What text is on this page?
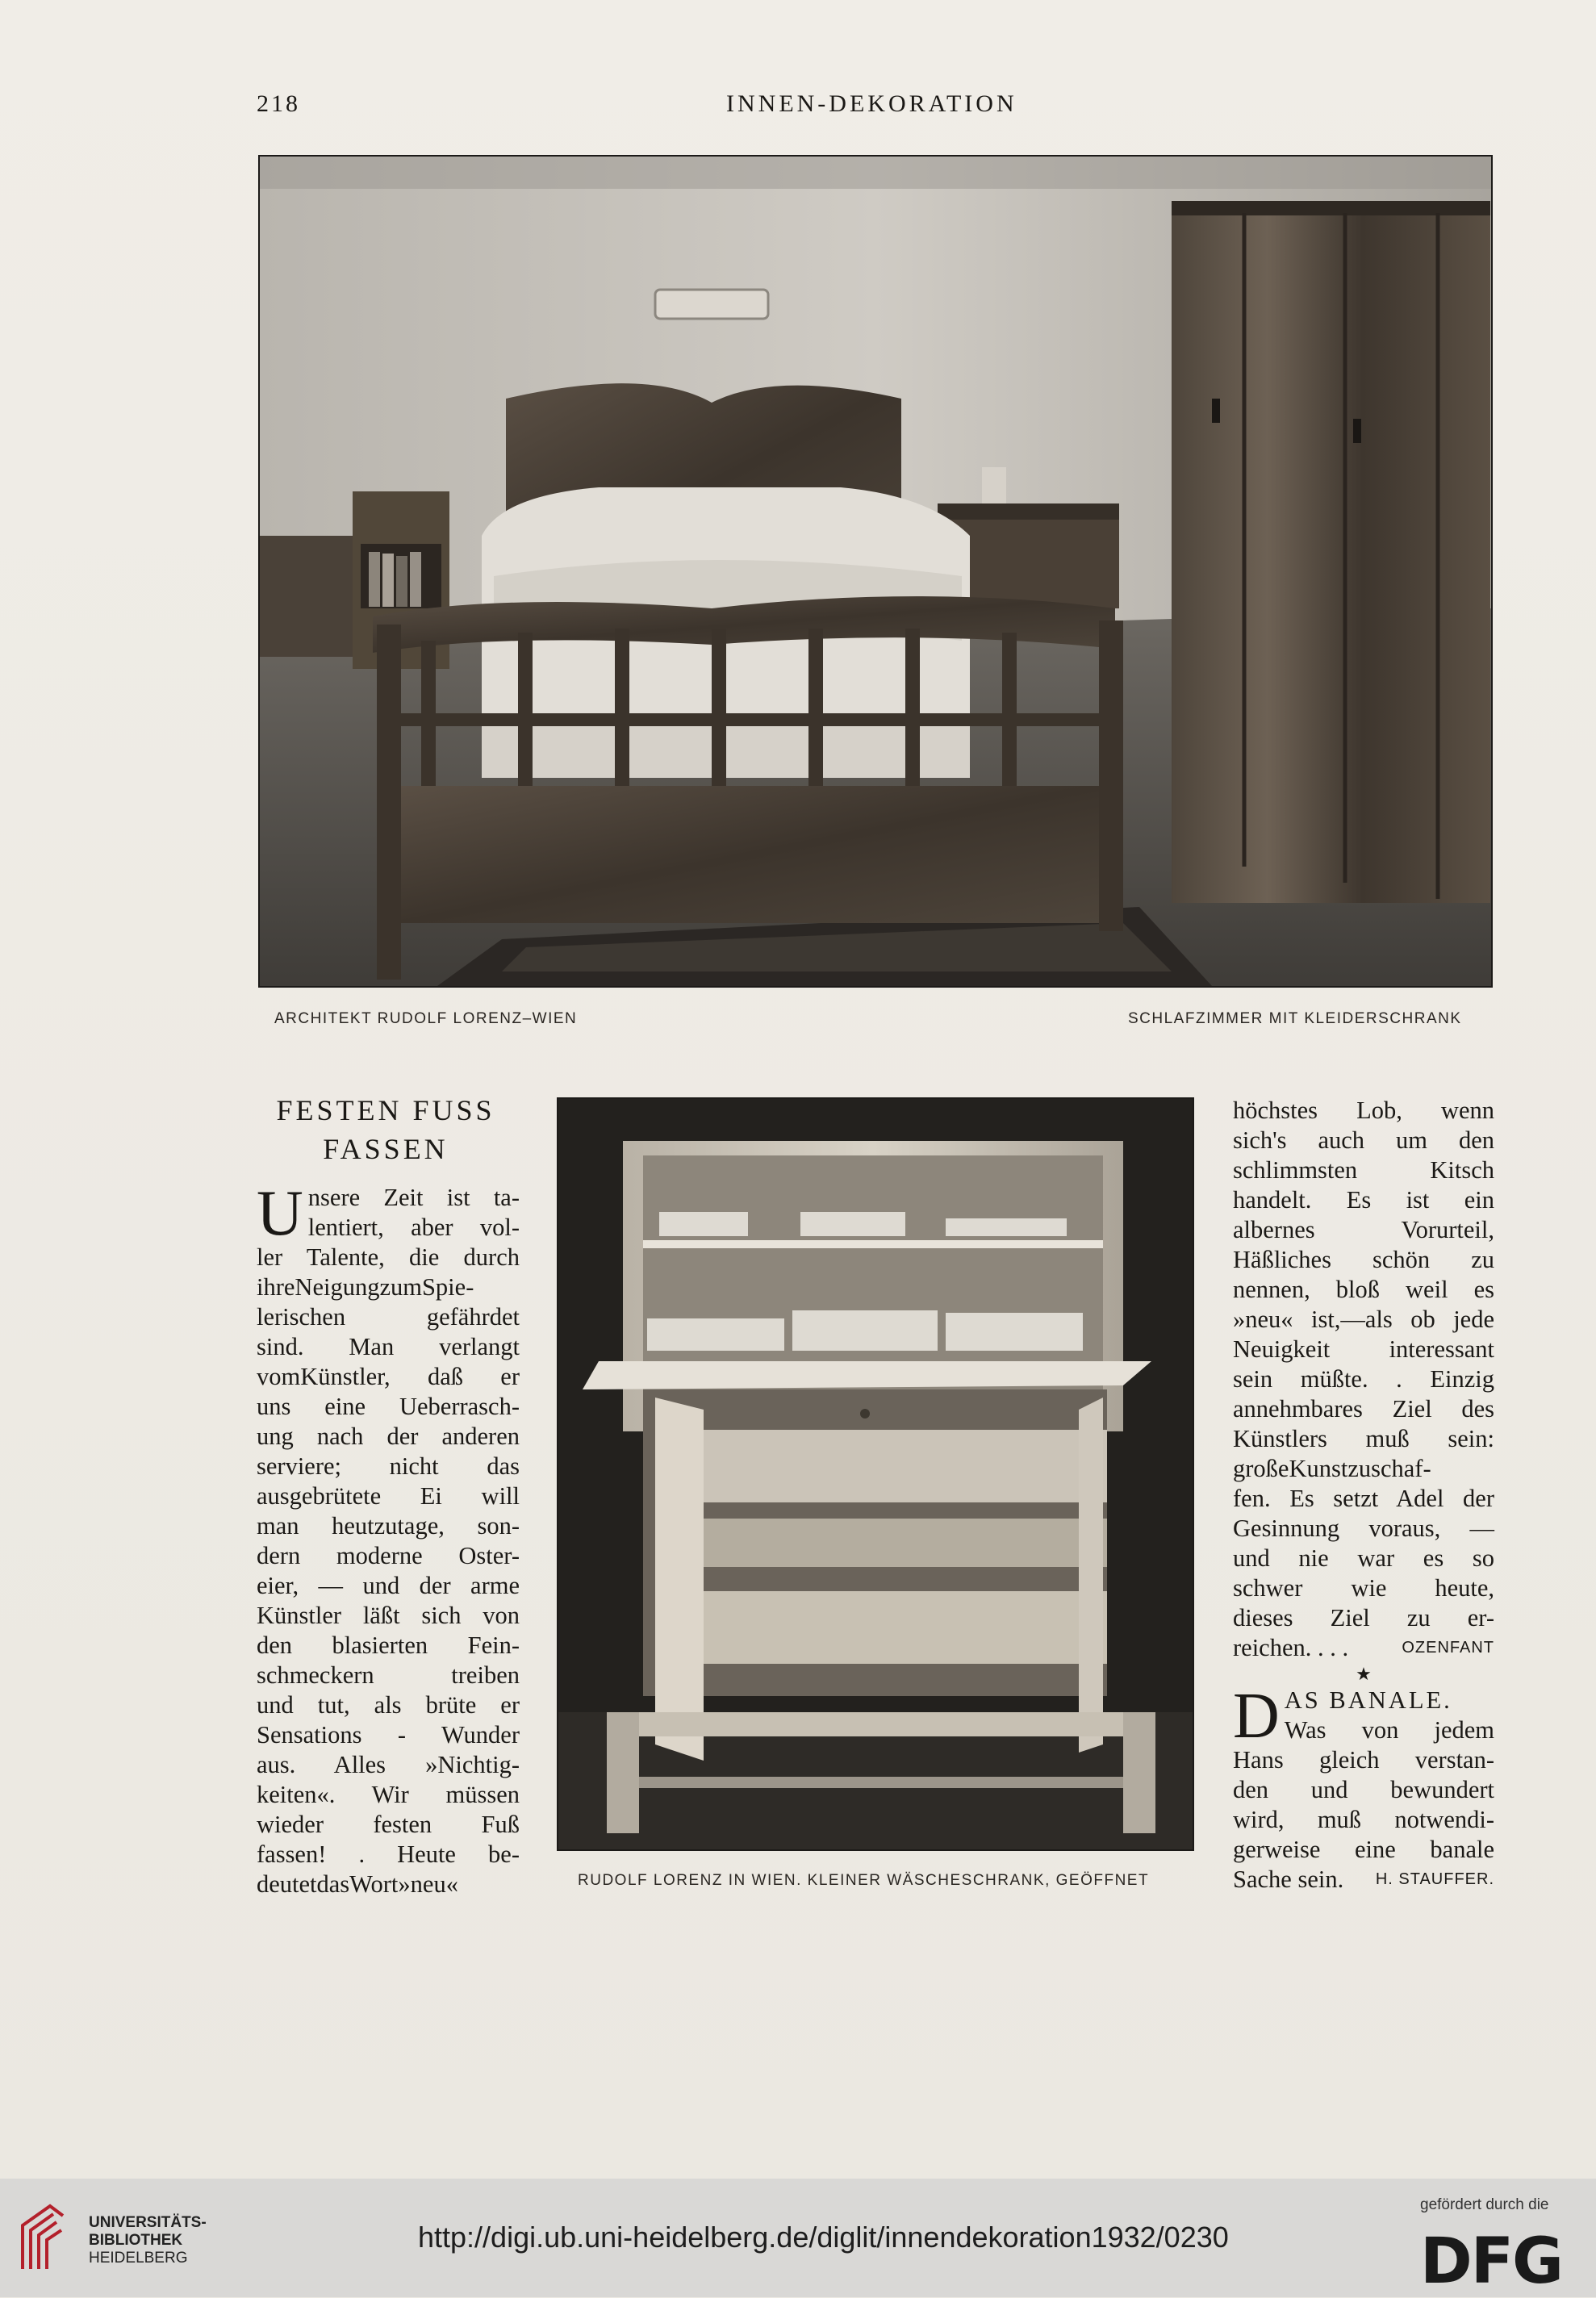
218	INNEN-DEKORATION
ARCHITEKT RUDOLF LORENZ–WIEN	SCHLAFZIMMER MIT KLEIDERSCHRANK
FESTEN FUSS
FASSEN
U nsere Zeit ist ta-
lentiert, aber vol-
ler Talente, die durch
ihreNeigungzumSpie-
lerischen gefährdet
sind. Man verlangt
vomKünstler, daß er
uns eine Ueberrasch-
ung nach der anderen
serviere; nicht das
ausgebrütete Ei will
man heutzutage, son-
dern moderne Oster-
eier, — und der arme
Künstler läßt sich von
den blasierten Fein-
schmeckern treiben
und tut, als brüte er
Sensations - Wunder
aus. Alles »Nichtig-
keiten«. Wir müssen
wieder festen Fuß
fassen! . Heute be-
deutetdasWort»neu«	RUDOLF LORENZ IN WIEN. KLEINER WÄSCHESCHRANK, GEÖFFNET
höchstes Lob, wenn
sich's auch um den
schlimmsten Kitsch
handelt. Es ist ein
albernes Vorurteil,
Häßliches schön zu
nennen, bloß weil es
»neu« ist,—als ob jede
Neuigkeit interessant
sein müßte. . Einzig
annehmbares Ziel des
Künstlers muß sein:
großeKunstzuschaf-
fen. Es setzt Adel der
Gesinnung voraus, —
und nie war es so
schwer wie heute,
dieses Ziel zu er-
reichen. . . .	OZENFANT
★
D AS BANALE.
Was von jedem
Hans gleich verstan-
den und bewundert
wird, muß notwendi-
gerweise eine banale
Sache sein. H. STAUFFER.
UNIVERSITÄTS-
BIBLIOTHEK
HEIDELBERG
http://digi.ub.uni-heidelberg.de/diglit/innendekoration1932/0230
gefördert durch die
DFG
